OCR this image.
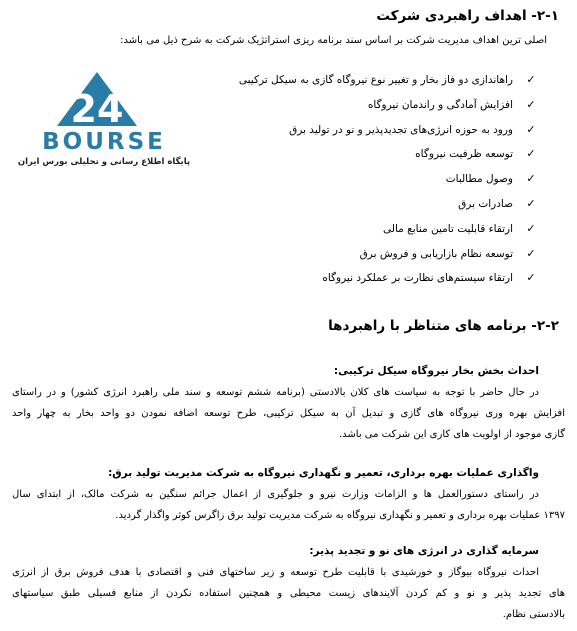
۲-۱- اهداف راهبردی شرکت
اصلی ترین اهداف مدیریت شرکت بر اساس سند برنامه ریزی استراتژیک شرکت به شرح ذیل می باشد:
24
BOURSE
پایگاه اطلاع رسانی و تحلیلی بورس ایران
✓
راهاندازی دو فاز بخار و تغییر نوع نیروگاه گازی به سیکل ترکیبی
✓
افزایش آمادگی و راندمان نیروگاه
✓
ورود به حوزه انرژی‌های تجدیدپذیر و نو در تولید برق
✓
توسعه ظرفیت نیروگاه
✓
وصول مطالبات
✓
صادرات برق
✓
ارتقاء قابلیت تامین منابع مالی
✓
توسعه نظام بازاریابی و فروش برق
✓
ارتقاء سیستم‌های نظارت بر عملکرد نیروگاه
۲-۲- برنامه های متناظر با راهبردها
احداث بخش بخار نیروگاه سیکل ترکیبی:
در حال حاضر با توجه به سیاست های کلان بالادستی (برنامه ششم توسعه و سند ملی راهبرد انرژی کشور) و در راستای
افزایش بهره وری نیروگاه های گازی و تبدیل آن به سیکل ترکیبی، طرح توسعه اضافه نمودن دو واحد بخار به چهار واحد
گازی موجود از اولویت های کاری این شرکت می باشد.
واگذاری عملیات بهره برداری، تعمیر و نگهداری نیروگاه به شرکت مدیریت تولید برق:
در راستای دستورالعمل ها و الزامات وزارت نیرو و جلوگیری از اعمال جرائم سنگین به شرکت مالک، از ابتدای سال
۱۳۹۷ عملیات بهره برداری و تعمیر و نگهداری نیروگاه به شرکت مدیریت تولید برق زاگرس کوثر واگذار گردید.
سرمایه گذاری در انرژی های نو و تجدید پذیر:
احداث نیروگاه بیوگاز و خورشیدی با قابلیت طرح توسعه و زیر ساختهای فنی و اقتصادی با هدف فروش برق از انرژی
های تجدید پذیر و نو و کم کردن آلایندهای زیست محیطی و همچنین استفاده نکردن از منابع فسیلی طبق سیاستهای
بالادستی نظام.
